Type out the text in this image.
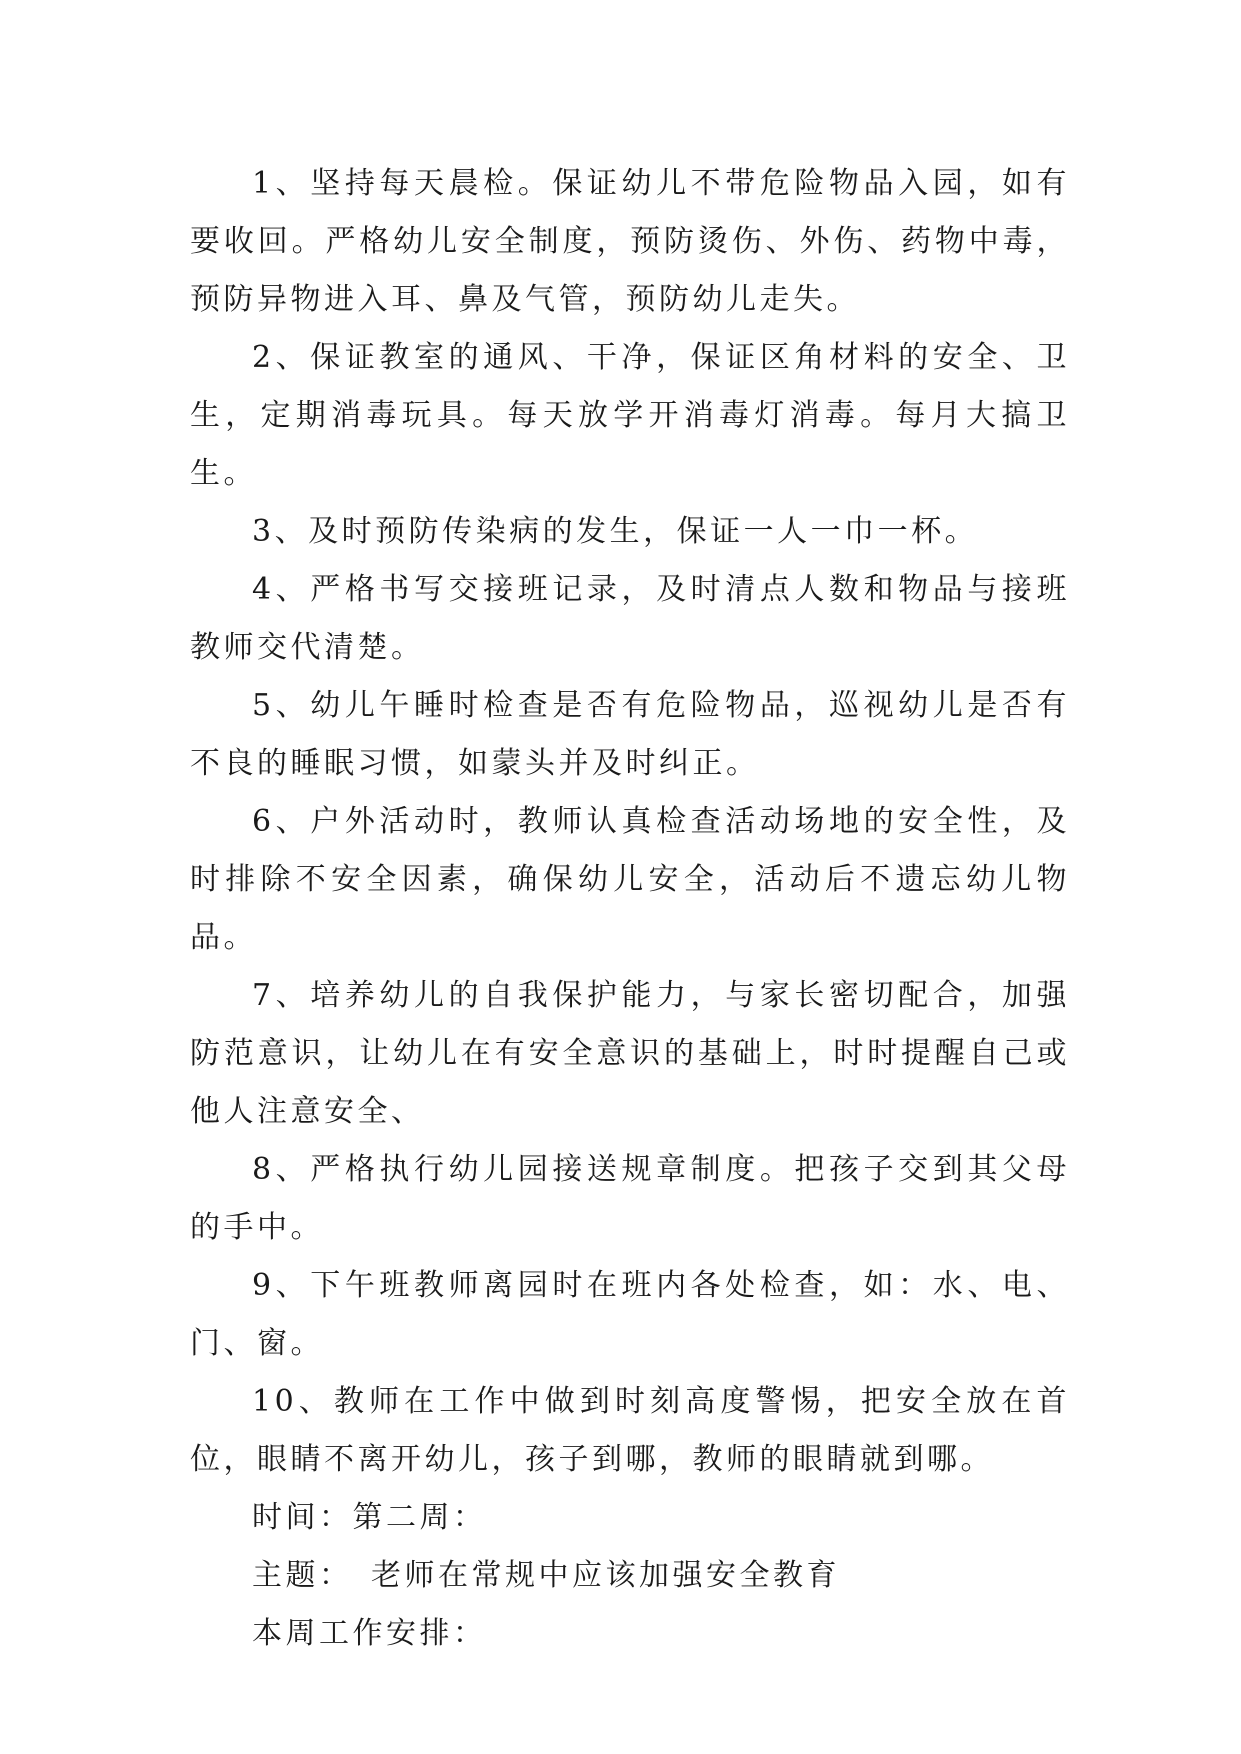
1、坚持每天晨检。保证幼儿不带危险物品入园，如有要收回。严格幼儿安全制度，预防烫伤、外伤、药物中毒，预防异物进入耳、鼻及气管，预防幼儿走失。

2、保证教室的通风、干净，保证区角材料的安全、卫生，定期消毒玩具。每天放学开消毒灯消毒。每月大搞卫生。

3、及时预防传染病的发生，保证一人一巾一杯。

4、严格书写交接班记录，及时清点人数和物品与接班教师交代清楚。

5、幼儿午睡时检查是否有危险物品，巡视幼儿是否有不良的睡眠习惯，如蒙头并及时纠正。

6、户外活动时，教师认真检查活动场地的安全性，及时排除不安全因素，确保幼儿安全，活动后不遗忘幼儿物品。

7、培养幼儿的自我保护能力，与家长密切配合，加强防范意识，让幼儿在有安全意识的基础上，时时提醒自己或他人注意安全、

8、严格执行幼儿园接送规章制度。把孩子交到其父母的手中。

9、下午班教师离园时在班内各处检查，如：水、电、门、窗。

10、教师在工作中做到时刻高度警惕，把安全放在首位，眼睛不离开幼儿，孩子到哪，教师的眼睛就到哪。

时间：第二周：

主题：　老师在常规中应该加强安全教育

本周工作安排：
